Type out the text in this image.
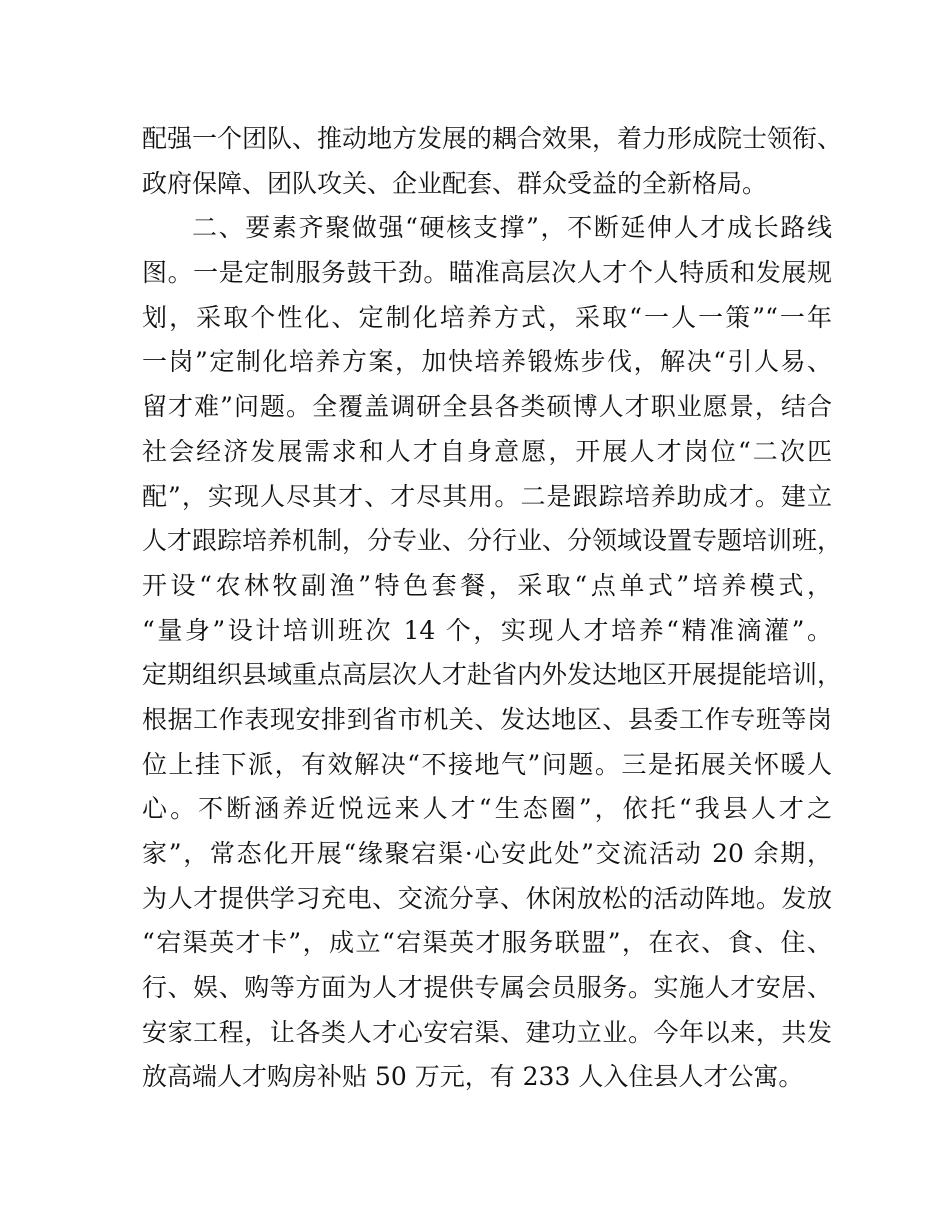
配强一个团队、推动地方发展的耦合效果，着力形成院士领衔、
政府保障、团队攻关、企业配套、群众受益的全新格局。
二、要素齐聚做强“硬核支撑”，不断延伸人才成长路线
图。一是定制服务鼓干劲。瞄准高层次人才个人特质和发展规
划，采取个性化、定制化培养方式，采取“一人一策”“一年
一岗”定制化培养方案，加快培养锻炼步伐，解决“引人易、
留才难”问题。全覆盖调研全县各类硕博人才职业愿景，结合
社会经济发展需求和人才自身意愿，开展人才岗位“二次匹
配”，实现人尽其才、才尽其用。二是跟踪培养助成才。建立
人才跟踪培养机制，分专业、分行业、分领域设置专题培训班，
开设“农林牧副渔”特色套餐，采取“点单式”培养模式，
“量身”设计培训班次 14 个，实现人才培养“精准滴灌”。
定期组织县域重点高层次人才赴省内外发达地区开展提能培训，
根据工作表现安排到省市机关、发达地区、县委工作专班等岗
位上挂下派，有效解决“不接地气”问题。三是拓展关怀暖人
心。不断涵养近悦远来人才“生态圈”，依托“我县人才之
家”，常态化开展“缘聚宕渠·心安此处”交流活动 20 余期，
为人才提供学习充电、交流分享、休闲放松的活动阵地。发放
“宕渠英才卡”，成立“宕渠英才服务联盟”，在衣、食、住、
行、娱、购等方面为人才提供专属会员服务。实施人才安居、
安家工程，让各类人才心安宕渠、建功立业。今年以来，共发
放高端人才购房补贴 50 万元，有 233 人入住县人才公寓。
